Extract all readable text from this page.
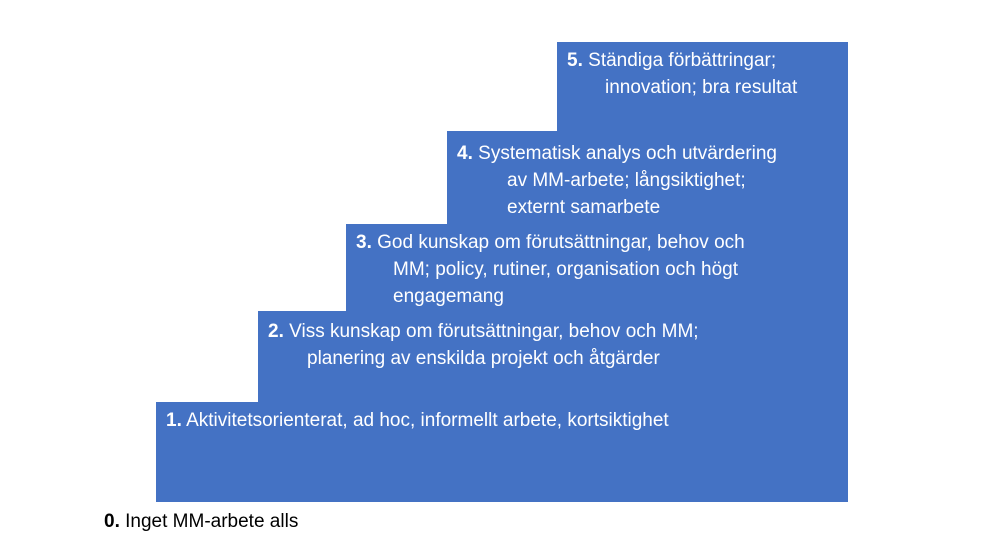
0. Inget MM-arbete alls
1. Aktivitetsorienterat, ad hoc, informellt arbete, kortsiktighet
2. Viss kunskap om förutsättningar, behov och MM;
planering av enskilda projekt och åtgärder
3. God kunskap om förutsättningar, behov och
MM; policy, rutiner, organisation och högt
engagemang
4. Systematisk analys och utvärdering
av MM-arbete; långsiktighet;
externt samarbete
5. Ständiga förbättringar;
innovation; bra resultat
